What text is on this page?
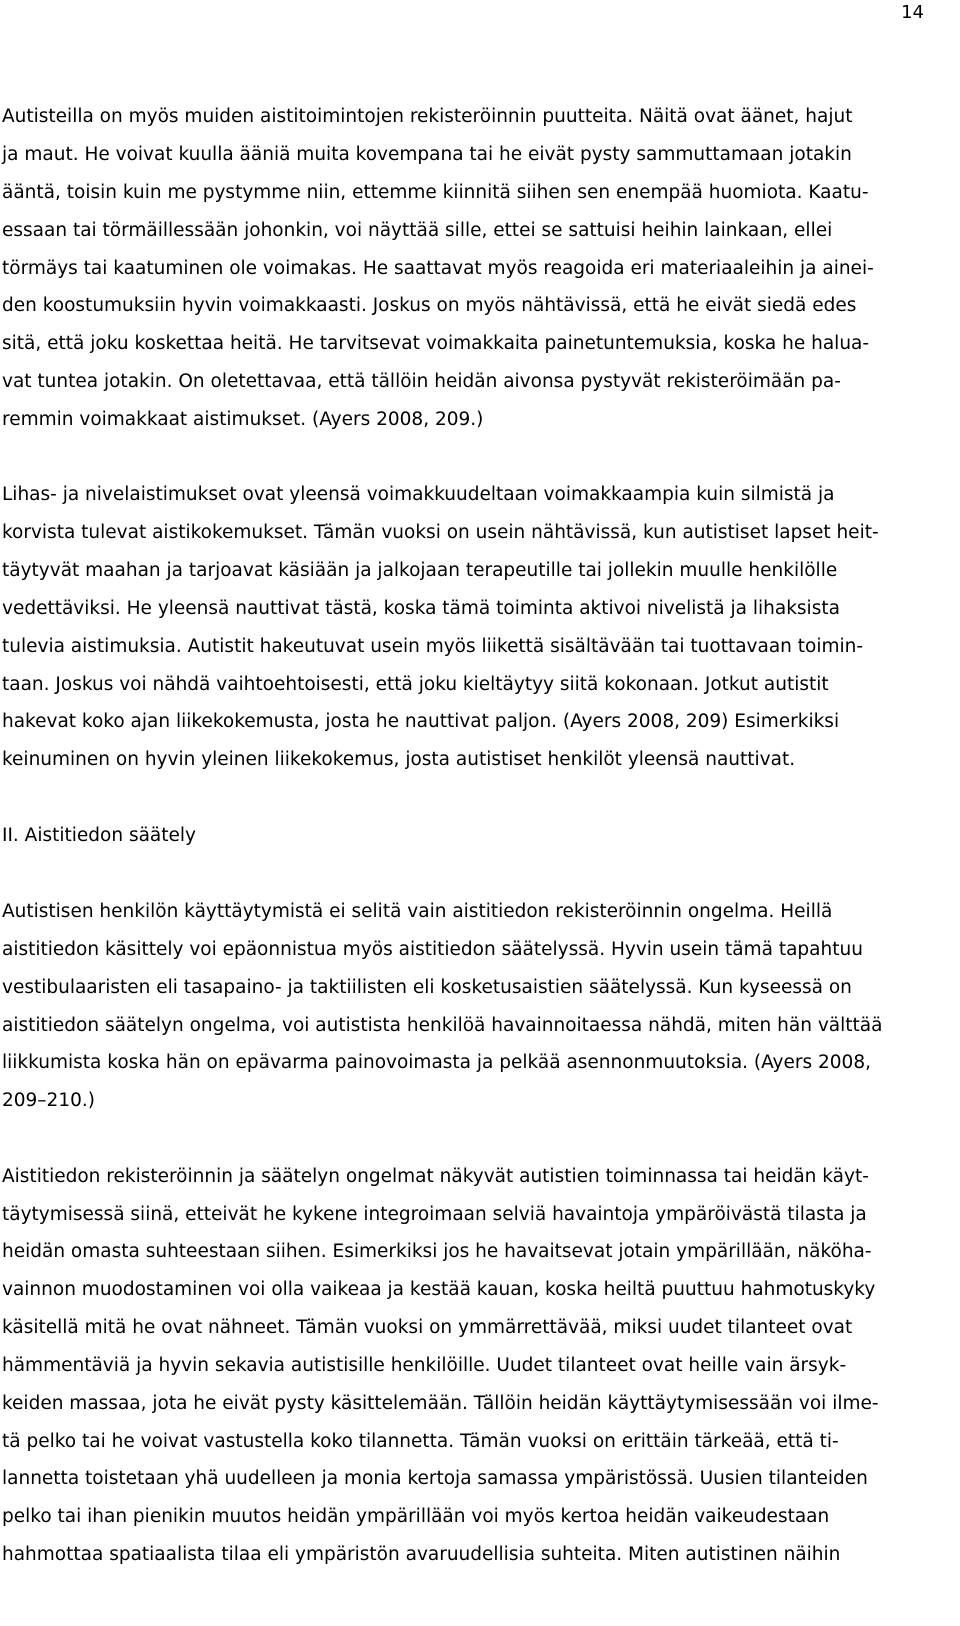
14
Autisteilla on myös muiden aistitoimintojen rekisteröinnin puutteita. Näitä ovat äänet, hajut
ja maut. He voivat kuulla ääniä muita kovempana tai he eivät pysty sammuttamaan jotakin
ääntä, toisin kuin me pystymme niin, ettemme kiinnitä siihen sen enempää huomiota. Kaatu-
essaan tai törmäillessään johonkin, voi näyttää sille, ettei se sattuisi heihin lainkaan, ellei
törmäys tai kaatuminen ole voimakas. He saattavat myös reagoida eri materiaaleihin ja ainei-
den koostumuksiin hyvin voimakkaasti. Joskus on myös nähtävissä, että he eivät siedä edes
sitä, että joku koskettaa heitä. He tarvitsevat voimakkaita painetuntemuksia, koska he halua-
vat tuntea jotakin. On oletettavaa, että tällöin heidän aivonsa pystyvät rekisteröimään pa-
remmin voimakkaat aistimukset. (Ayers 2008, 209.)
Lihas- ja nivelaistimukset ovat yleensä voimakkuudeltaan voimakkaampia kuin silmistä ja
korvista tulevat aistikokemukset. Tämän vuoksi on usein nähtävissä, kun autistiset lapset heit-
täytyvät maahan ja tarjoavat käsiään ja jalkojaan terapeutille tai jollekin muulle henkilölle
vedettäviksi. He yleensä nauttivat tästä, koska tämä toiminta aktivoi nivelistä ja lihaksista
tulevia aistimuksia. Autistit hakeutuvat usein myös liikettä sisältävään tai tuottavaan toimin-
taan. Joskus voi nähdä vaihtoehtoisesti, että joku kieltäytyy siitä kokonaan. Jotkut autistit
hakevat koko ajan liikekokemusta, josta he nauttivat paljon. (Ayers 2008, 209) Esimerkiksi
keinuminen on hyvin yleinen liikekokemus, josta autistiset henkilöt yleensä nauttivat.
II. Aistitiedon säätely
Autistisen henkilön käyttäytymistä ei selitä vain aistitiedon rekisteröinnin ongelma. Heillä
aistitiedon käsittely voi epäonnistua myös aistitiedon säätelyssä. Hyvin usein tämä tapahtuu
vestibulaaristen eli tasapaino- ja taktiilisten eli kosketusaistien säätelyssä. Kun kyseessä on
aistitiedon säätelyn ongelma, voi autistista henkilöä havainnoitaessa nähdä, miten hän välttää
liikkumista koska hän on epävarma painovoimasta ja pelkää asennonmuutoksia. (Ayers 2008,
209–210.)
Aistitiedon rekisteröinnin ja säätelyn ongelmat näkyvät autistien toiminnassa tai heidän käyt-
täytymisessä siinä, etteivät he kykene integroimaan selviä havaintoja ympäröivästä tilasta ja
heidän omasta suhteestaan siihen. Esimerkiksi jos he havaitsevat jotain ympärillään, näköha-
vainnon muodostaminen voi olla vaikeaa ja kestää kauan, koska heiltä puuttuu hahmotuskyky
käsitellä mitä he ovat nähneet. Tämän vuoksi on ymmärrettävää, miksi uudet tilanteet ovat
hämmentäviä ja hyvin sekavia autistisille henkilöille. Uudet tilanteet ovat heille vain ärsyk-
keiden massaa, jota he eivät pysty käsittelemään. Tällöin heidän käyttäytymisessään voi ilme-
tä pelko tai he voivat vastustella koko tilannetta. Tämän vuoksi on erittäin tärkeää, että ti-
lannetta toistetaan yhä uudelleen ja monia kertoja samassa ympäristössä. Uusien tilanteiden
pelko tai ihan pienikin muutos heidän ympärillään voi myös kertoa heidän vaikeudestaan
hahmottaa spatiaalista tilaa eli ympäristön avaruudellisia suhteita. Miten autistinen näihin
